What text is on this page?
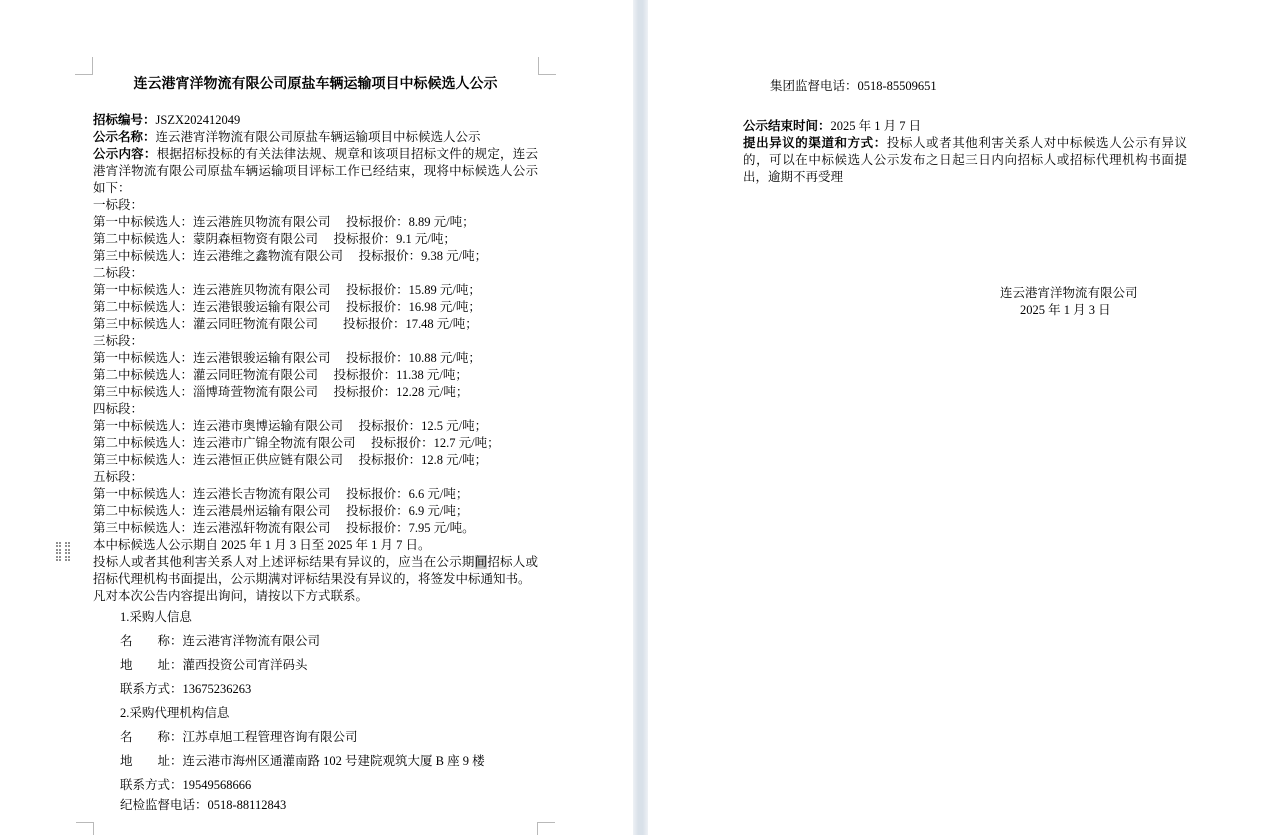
连云港宵洋物流有限公司原盐车辆运输项目中标候选人公示

招标编号：JSZX202412049

公示名称：连云港宵洋物流有限公司原盐车辆运输项目中标候选人公示

公示内容：根据招标投标的有关法律法规、规章和该项目招标文件的规定，连云港宵洋物流有限公司原盐车辆运输项目评标工作已经结束，现将中标候选人公示如下：

一标段：

第一中标候选人：连云港旌贝物流有限公司　 投标报价：8.89 元/吨；

第二中标候选人：蒙阴森桓物资有限公司　 投标报价：9.1 元/吨；

第三中标候选人：连云港维之鑫物流有限公司　 投标报价：9.38 元/吨；

二标段：

第一中标候选人：连云港旌贝物流有限公司　 投标报价：15.89 元/吨；

第二中标候选人：连云港银骏运输有限公司　 投标报价：16.98 元/吨；

第三中标候选人：灌云同旺物流有限公司　　投标报价：17.48 元/吨；

三标段：

第一中标候选人：连云港银骏运输有限公司　 投标报价：10.88 元/吨；

第二中标候选人：灌云同旺物流有限公司　 投标报价：11.38 元/吨；

第三中标候选人：淄博琦萱物流有限公司　 投标报价：12.28 元/吨；

四标段：

第一中标候选人：连云港市奥博运输有限公司　 投标报价：12.5 元/吨；

第二中标候选人：连云港市广锦全物流有限公司　 投标报价：12.7 元/吨；

第三中标候选人：连云港恒正供应链有限公司　 投标报价：12.8 元/吨；

五标段：

第一中标候选人：连云港长吉物流有限公司　 投标报价：6.6 元/吨；

第二中标候选人：连云港晨州运输有限公司　 投标报价：6.9 元/吨；

第三中标候选人：连云港泓轩物流有限公司　 投标报价：7.95 元/吨。

本中标候选人公示期自 2025 年 1 月 3 日至 2025 年 1 月 7 日。

投标人或者其他利害关系人对上述评标结果有异议的，应当在公示期间招标人或招标代理机构书面提出，公示期满对评标结果没有异议的，将签发中标通知书。

凡对本次公告内容提出询问，请按以下方式联系。

1.采购人信息

名　　称：连云港宵洋物流有限公司

地　　址：灌西投资公司宵洋码头

联系方式：13675236263

2.采购代理机构信息

名　　称：江苏卓旭工程管理咨询有限公司

地　　址：连云港市海州区通灌南路 102 号建院观筑大厦 B 座 9 楼

联系方式：19549568666

纪检监督电话：0518-88112843

集团监督电话：0518-85509651

公示结束时间：2025 年 1 月 7 日

提出异议的渠道和方式：投标人或者其他利害关系人对中标候选人公示有异议的，可以在中标候选人公示发布之日起三日内向招标人或招标代理机构书面提出，逾期不再受理

连云港宵洋物流有限公司

2025 年 1 月 3 日
